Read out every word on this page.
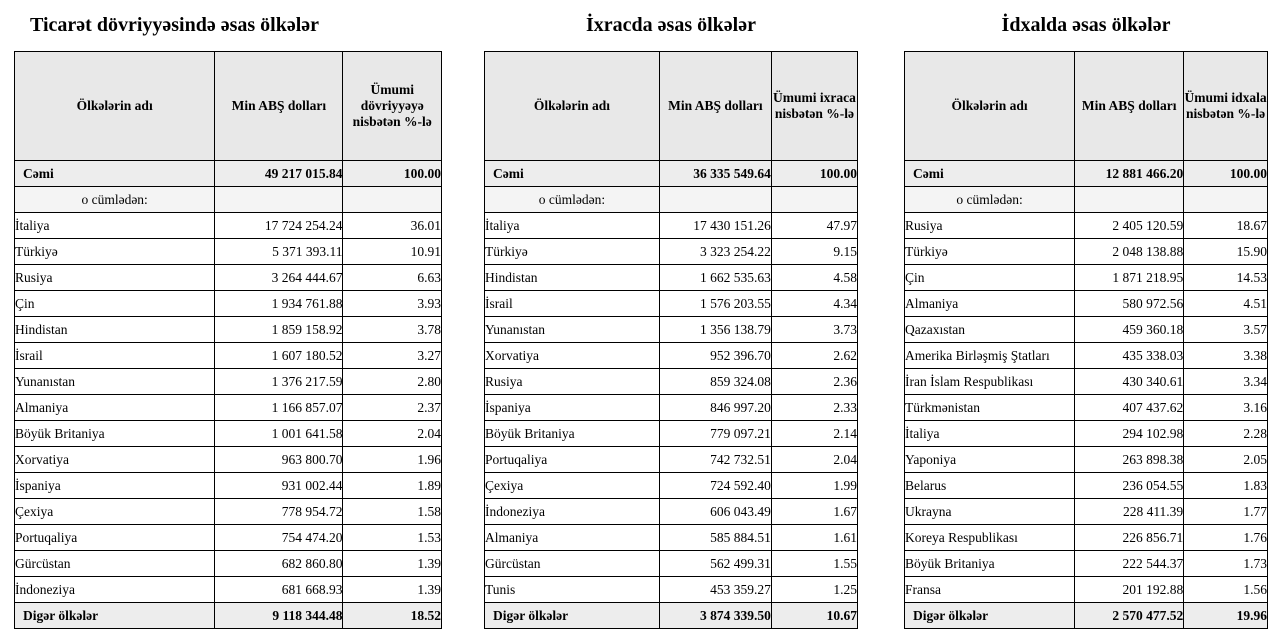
Ticarət dövriyyəsində əsas ölkələr
Ölkələrin adı	Min ABŞ dolları	Ümumi dövriyyəyə nisbətən %-lə
Cəmi	49 217 015.84	100.00
o cümlədən:		
İtaliya	17 724 254.24	36.01
Türkiyə	5 371 393.11	10.91
Rusiya	3 264 444.67	6.63
Çin	1 934 761.88	3.93
Hindistan	1 859 158.92	3.78
İsrail	1 607 180.52	3.27
Yunanıstan	1 376 217.59	2.80
Almaniya	1 166 857.07	2.37
Böyük Britaniya	1 001 641.58	2.04
Xorvatiya	963 800.70	1.96
İspaniya	931 002.44	1.89
Çexiya	778 954.72	1.58
Portuqaliya	754 474.20	1.53
Gürcüstan	682 860.80	1.39
İndoneziya	681 668.93	1.39
Digər ölkələr	9 118 344.48	18.52
İxracda əsas ölkələr
Ölkələrin adı	Min ABŞ dolları	Ümumi ixraca nisbətən %-lə
Cəmi	36 335 549.64	100.00
o cümlədən:		
İtaliya	17 430 151.26	47.97
Türkiyə	3 323 254.22	9.15
Hindistan	1 662 535.63	4.58
İsrail	1 576 203.55	4.34
Yunanıstan	1 356 138.79	3.73
Xorvatiya	952 396.70	2.62
Rusiya	859 324.08	2.36
İspaniya	846 997.20	2.33
Böyük Britaniya	779 097.21	2.14
Portuqaliya	742 732.51	2.04
Çexiya	724 592.40	1.99
İndoneziya	606 043.49	1.67
Almaniya	585 884.51	1.61
Gürcüstan	562 499.31	1.55
Tunis	453 359.27	1.25
Digər ölkələr	3 874 339.50	10.67
İdxalda əsas ölkələr
Ölkələrin adı	Min ABŞ dolları	Ümumi idxala nisbətən %-lə
Cəmi	12 881 466.20	100.00
o cümlədən:		
Rusiya	2 405 120.59	18.67
Türkiyə	2 048 138.88	15.90
Çin	1 871 218.95	14.53
Almaniya	580 972.56	4.51
Qazaxıstan	459 360.18	3.57
Amerika Birləşmiş Ştatları	435 338.03	3.38
İran İslam Respublikası	430 340.61	3.34
Türkmənistan	407 437.62	3.16
İtaliya	294 102.98	2.28
Yaponiya	263 898.38	2.05
Belarus	236 054.55	1.83
Ukrayna	228 411.39	1.77
Koreya Respublikası	226 856.71	1.76
Böyük Britaniya	222 544.37	1.73
Fransa	201 192.88	1.56
Digər ölkələr	2 570 477.52	19.96
